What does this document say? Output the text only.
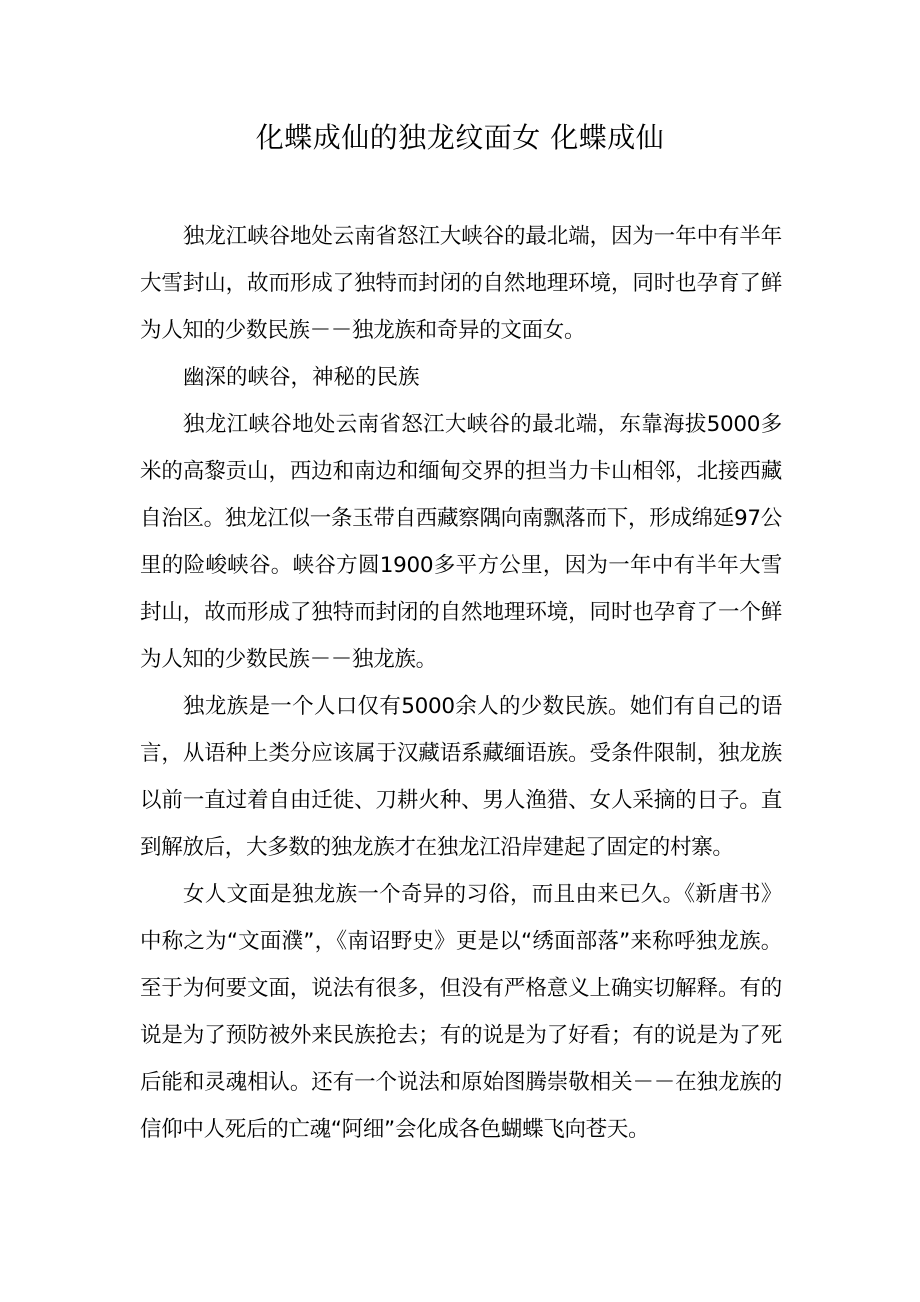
化蝶成仙的独龙纹面女 化蝶成仙

独龙江峡谷地处云南省怒江大峡谷的最北端，因为一年中有半年大雪封山，故而形成了独特而封闭的自然地理环境，同时也孕育了鲜为人知的少数民族－－独龙族和奇异的文面女。

幽深的峡谷，神秘的民族

独龙江峡谷地处云南省怒江大峡谷的最北端，东靠海拔5000多米的高黎贡山，西边和南边和缅甸交界的担当力卡山相邻，北接西藏自治区。独龙江似一条玉带自西藏察隅向南飘落而下，形成绵延97公里的险峻峡谷。峡谷方圆1900多平方公里，因为一年中有半年大雪封山，故而形成了独特而封闭的自然地理环境，同时也孕育了一个鲜为人知的少数民族－－独龙族。

独龙族是一个人口仅有5000余人的少数民族。她们有自己的语言，从语种上类分应该属于汉藏语系藏缅语族。受条件限制，独龙族以前一直过着自由迁徙、刀耕火种、男人渔猎、女人采摘的日子。直到解放后，大多数的独龙族才在独龙江沿岸建起了固定的村寨。

女人文面是独龙族一个奇异的习俗，而且由来已久。《新唐书》中称之为“文面濮”，《南诏野史》更是以“绣面部落”来称呼独龙族。至于为何要文面，说法有很多，但没有严格意义上确实切解释。有的说是为了预防被外来民族抢去；有的说是为了好看；有的说是为了死后能和灵魂相认。还有一个说法和原始图腾崇敬相关－－在独龙族的信仰中人死后的亡魂“阿细”会化成各色蝴蝶飞向苍天。
